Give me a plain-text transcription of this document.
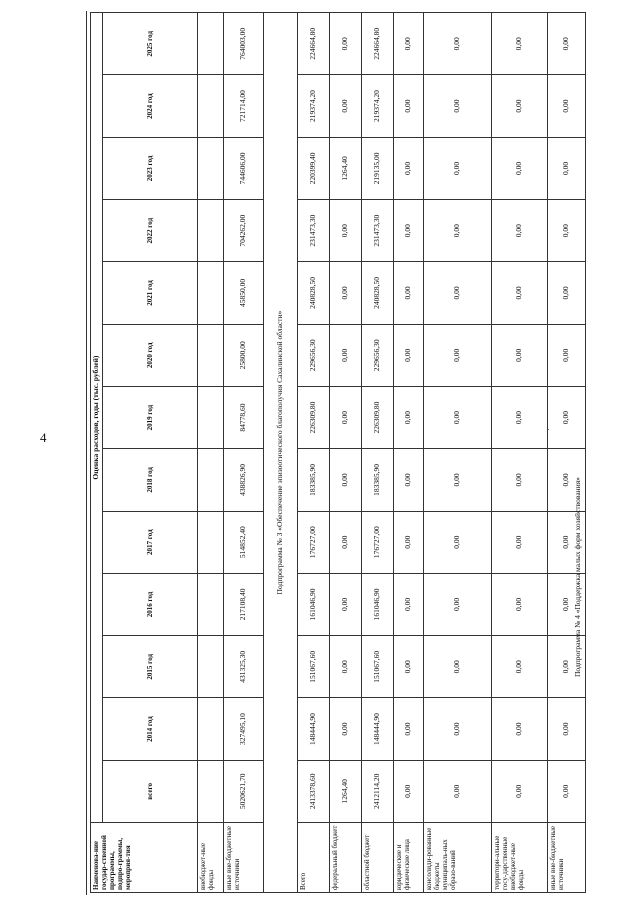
4
Наименова-ние государ-ственной программы, подпро-граммы, мероприя-тия	Оценка расходов, годы (тыс. рублей)												
	всего	2014 год	2015 год	2016 год	2017 год	2018 год	2019 год	2020 год	2021 год	2022 год	2023 год	2024 год	2025 год
внебюджет-ные фонды													
иные вне-бюджетные источники	5020621,70	327495,10	431325,30	217108,40	514852,40	438826,90	84778,60	25800,00	45850,00	704262,00	744606,00	721714,00	764003,00
Подпрограмма № 3 «Обеспечение эпизоотического благополучия Сахалинской области»													
Всего	2413378,60	148444,90	151067,60	161046,90	176727,00	183385,90	226309,80	229656,30	240828,50	231473,30	220399,40	219374,20	224664,80
федеральный бюджет	1264,40	0,00	0,00	0,00	0,00	0,00	0,00	0,00	0,00	0,00	1264,40	0,00	0,00
областной бюджет	2412114,20	148444,90	151067,60	161046,90	176727,00	183385,90	226309,80	229656,30	240828,50	231473,30	219135,00	219374,20	224664,80
юридические и физические лица	0,00	0,00	0,00	0,00	0,00	0,00	0,00	0,00	0,00	0,00	0,00	0,00	0,00
консолиди-рованные бюджеты муниципаль-ных образо-ваний	0,00	0,00	0,00	0,00	0,00	0,00	0,00	0,00	0,00	0,00	0,00	0,00	0,00
территори-альные госу-дарственные внебюджет-ные фонды	0,00	0,00	0,00	0,00	0,00	0,00	0,00	0,00	0,00	0,00	0,00	0,00	0,00
иные вне-бюджетные источники	0,00	0,00	0,00	0,00	0,00	0,00	0,00	0,00	0,00	0,00	0,00	0,00	0,00
Подпрограмма № 4 «Поддержка малых форм хозяйствования»
